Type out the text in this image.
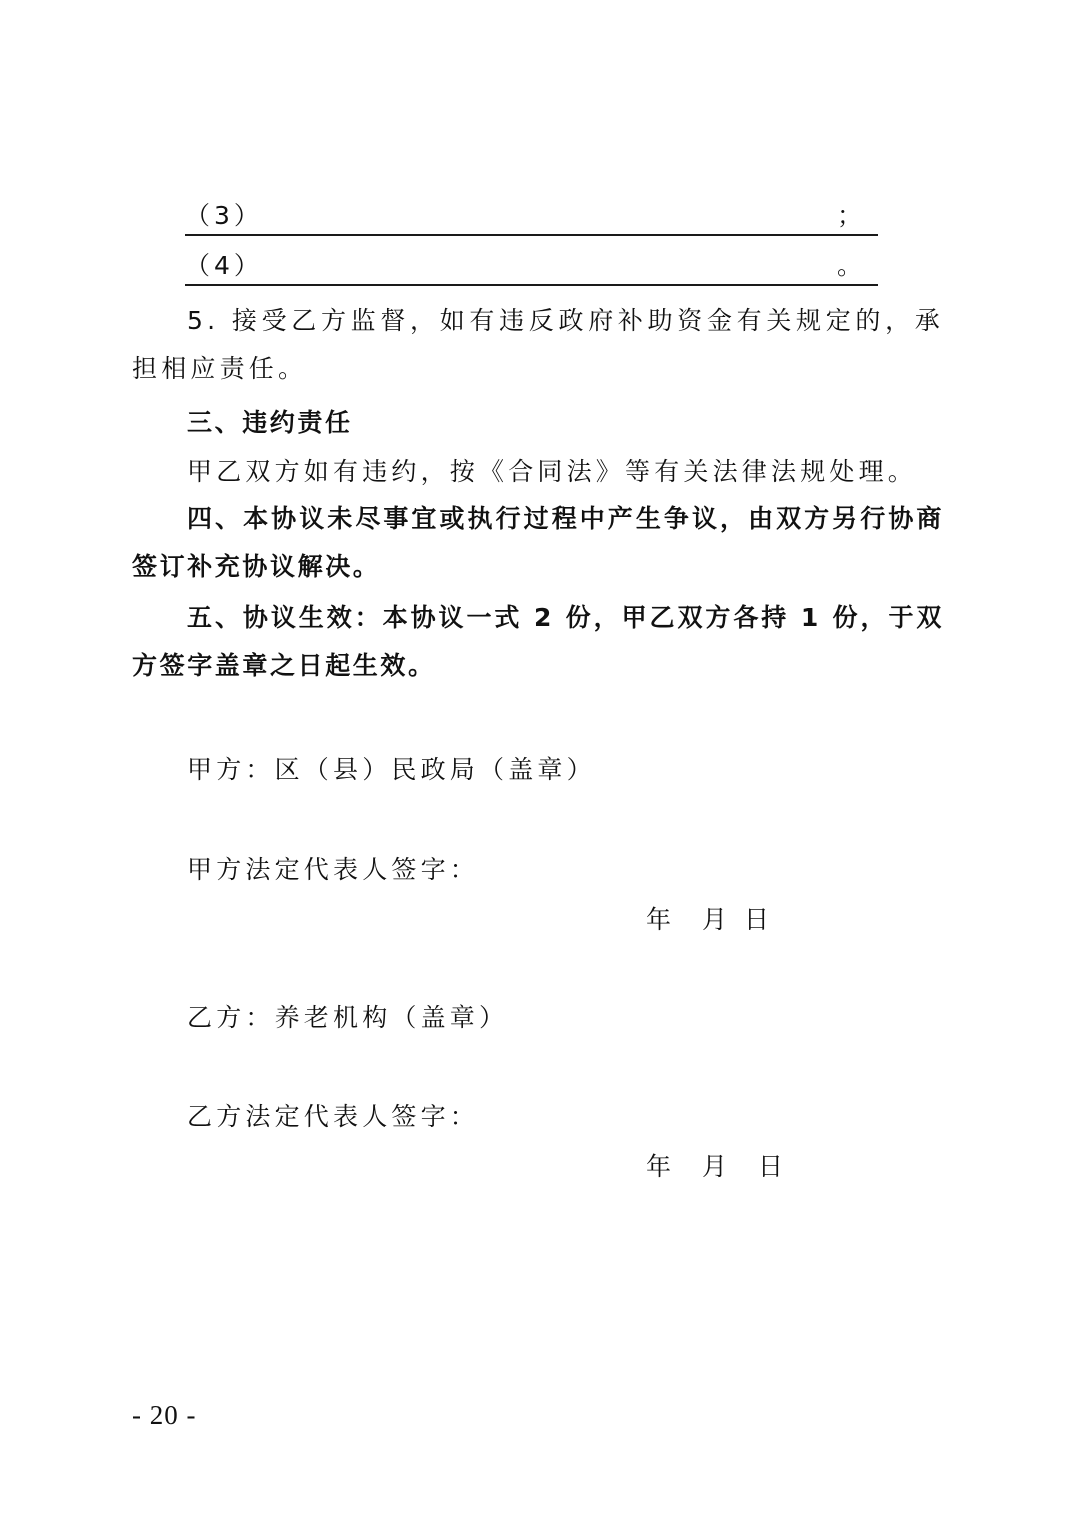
（3）	；
（4）	。

5. 接受乙方监督，如有违反政府补助资金有关规定的，承担相应责任。

三、违约责任
甲乙双方如有违约，按《合同法》等有关法律法规处理。

四、本协议未尽事宜或执行过程中产生争议，由双方另行协商签订补充协议解决。

五、协议生效：本协议一式 2 份，甲乙双方各持 1 份，于双方签字盖章之日起生效。

甲方：区（县）民政局（盖章）
甲方法定代表人签字：
年 月 日
乙方：养老机构（盖章）
乙方法定代表人签字：
年 月 日
- 20 -
